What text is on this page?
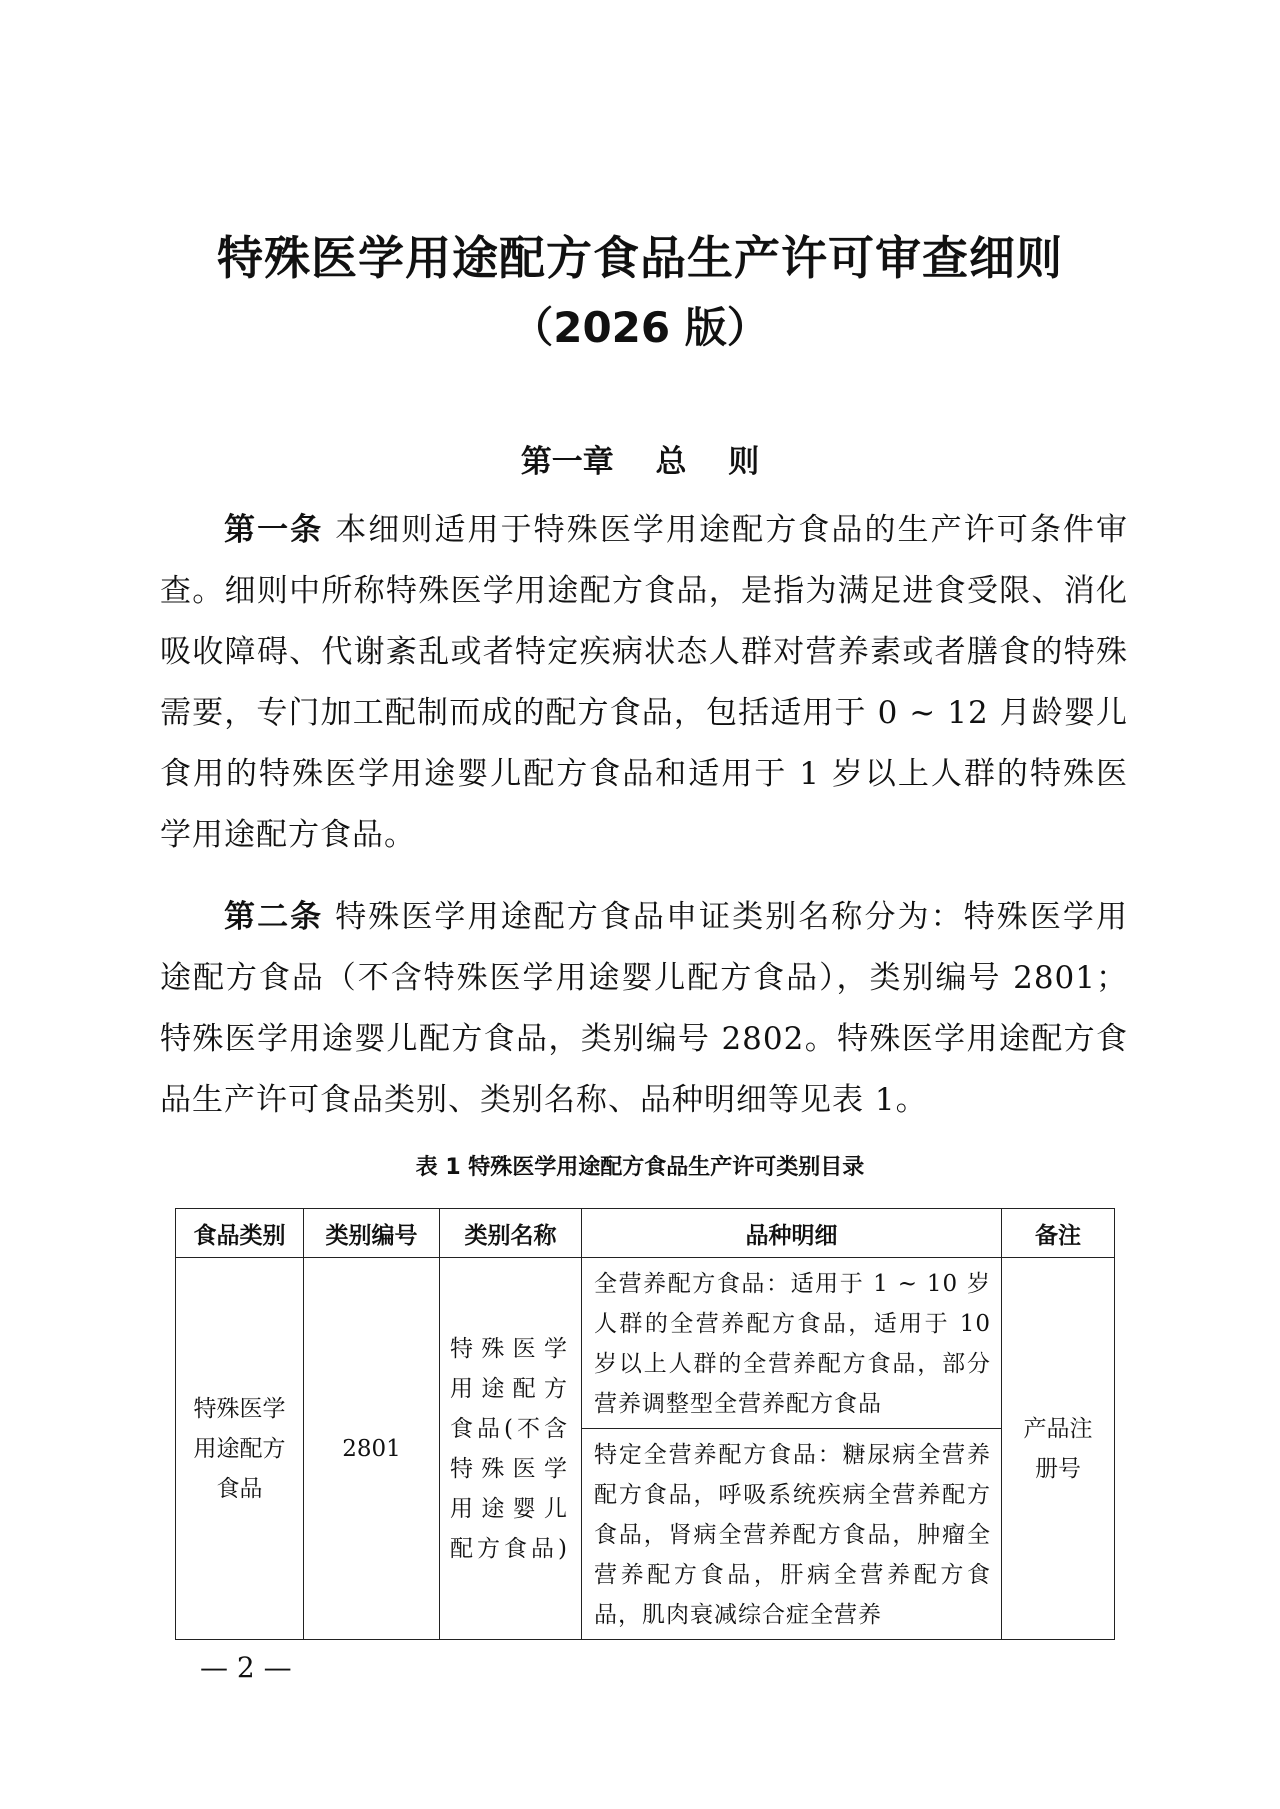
特殊医学用途配方食品生产许可审查细则
（2026 版）
第一章　 总　 则

第一条 本细则适用于特殊医学用途配方食品的生产许可条件审查。细则中所称特殊医学用途配方食品，是指为满足进食受限、消化吸收障碍、代谢紊乱或者特定疾病状态人群对营养素或者膳食的特殊需要，专门加工配制而成的配方食品，包括适用于 0 ~ 12 月龄婴儿食用的特殊医学用途婴儿配方食品和适用于 1 岁以上人群的特殊医学用途配方食品。

第二条 特殊医学用途配方食品申证类别名称分为：特殊医学用途配方食品（不含特殊医学用途婴儿配方食品），类别编号 2801；特殊医学用途婴儿配方食品，类别编号 2802。特殊医学用途配方食品生产许可食品类别、类别名称、品种明细等见表 1。

表 1 特殊医学用途配方食品生产许可类别目录
食品类别	类别编号	类别名称	品种明细	备注
特殊医学用途配方食品	2801	特殊医学用途配方食品(不含特殊医学用途婴儿配方食品)	全营养配方食品：适用于 1 ~ 10 岁人群的全营养配方食品，适用于 10 岁以上人群的全营养配方食品，部分营养调整型全营养配方食品	产品注册号
			特定全营养配方食品：糖尿病全营养配方食品，呼吸系统疾病全营养配方食品，肾病全营养配方食品，肿瘤全营养配方食品，肝病全营养配方食品，肌肉衰减综合症全营养	
— 2 —
